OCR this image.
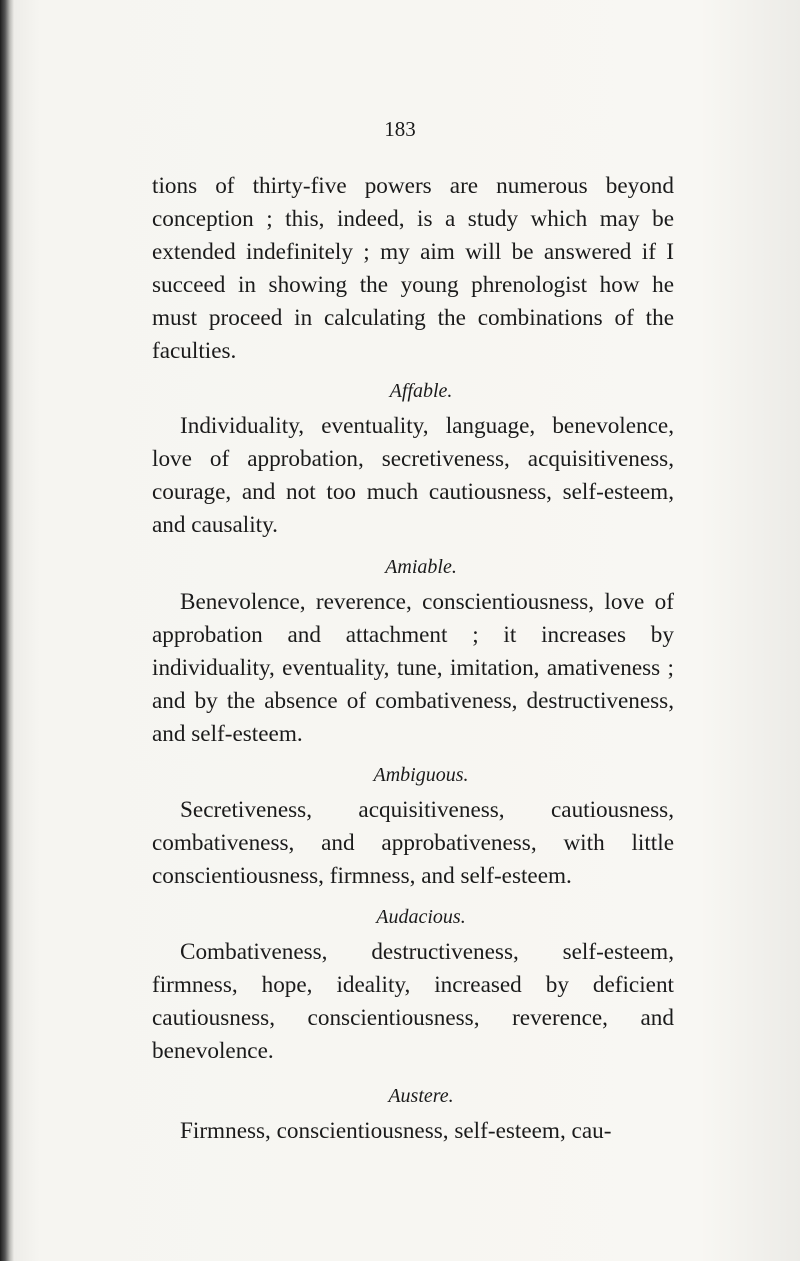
183

tions of thirty-five powers are numerous beyond conception ; this, indeed, is a study which may be extended indefinitely ; my aim will be answered if I succeed in showing the young phrenologist how he must proceed in calculating the combinations of the faculties.

Affable.

Individuality, eventuality, language, benevolence, love of approbation, secretiveness, acquisitiveness, courage, and not too much cautiousness, self-esteem, and causality.

Amiable.

Benevolence, reverence, conscientiousness, love of approbation and attachment ; it increases by individuality, eventuality, tune, imitation, amativeness ; and by the absence of combativeness, destructiveness, and self-esteem.

Ambiguous.

Secretiveness, acquisitiveness, cautiousness, combativeness, and approbativeness, with little conscientiousness, firmness, and self-esteem.

Audacious.

Combativeness, destructiveness, self-esteem, firmness, hope, ideality, increased by deficient cautiousness, conscientiousness, reverence, and benevolence.

Austere.

Firmness, conscientiousness, self-esteem, cau-
